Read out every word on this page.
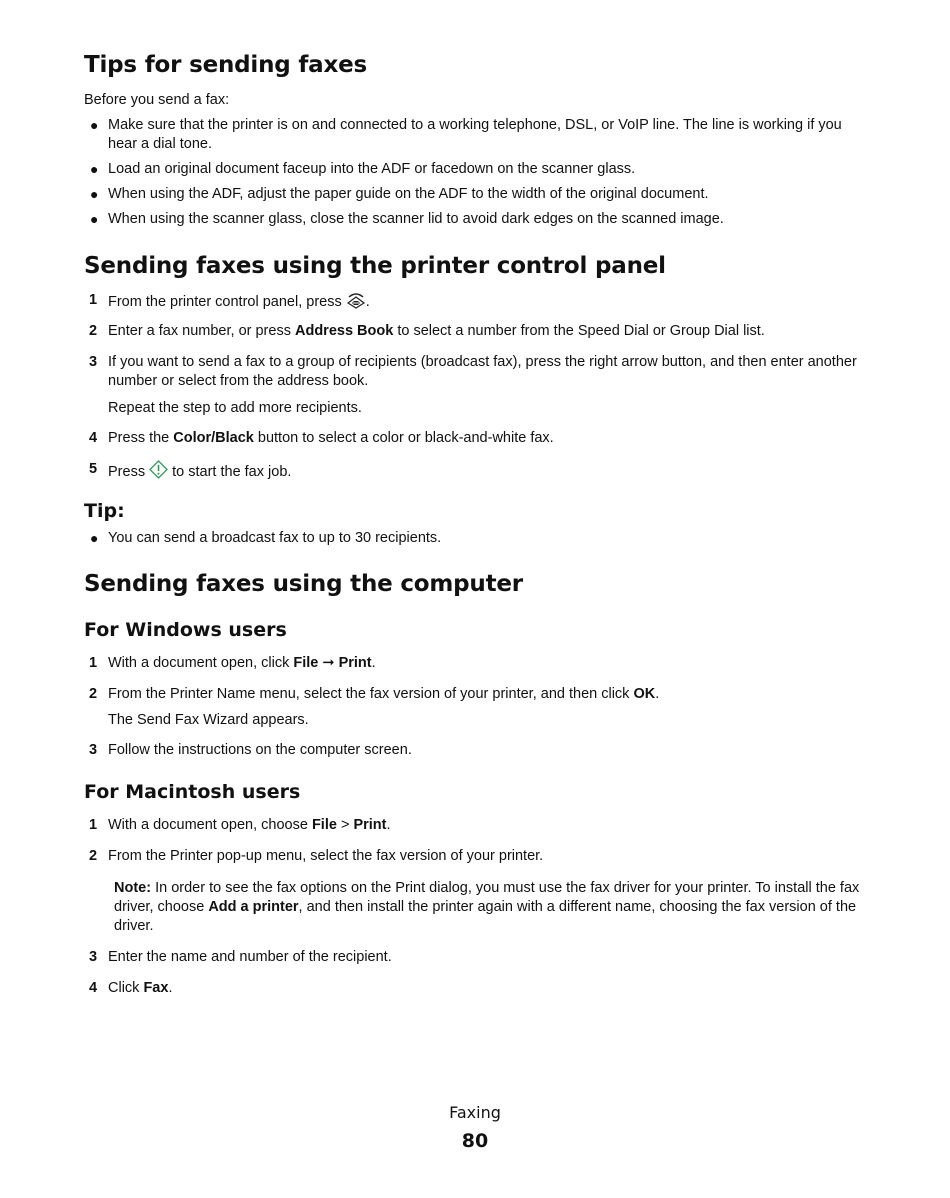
Tips for sending faxes
Before you send a fax:
● Make sure that the printer is on and connected to a working telephone, DSL, or VoIP line. The line is working if you hear a dial tone.
● Load an original document faceup into the ADF or facedown on the scanner glass.
● When using the ADF, adjust the paper guide on the ADF to the width of the original document.
● When using the scanner glass, close the scanner lid to avoid dark edges on the scanned image.
Sending faxes using the printer control panel
1 From the printer control panel, press .
2 Enter a fax number, or press Address Book to select a number from the Speed Dial or Group Dial list.
3 If you want to send a fax to a group of recipients (broadcast fax), press the right arrow button, and then enter another number or select from the address book.
Repeat the step to add more recipients.
4 Press the Color/Black button to select a color or black-and-white fax.
5 Press  to start the fax job.
Tip:
● You can send a broadcast fax to up to 30 recipients.
Sending faxes using the computer
For Windows users
1 With a document open, click File ➞ Print.
2 From the Printer Name menu, select the fax version of your printer, and then click OK.
The Send Fax Wizard appears.
3 Follow the instructions on the computer screen.
For Macintosh users
1 With a document open, choose File > Print.
2 From the Printer pop-up menu, select the fax version of your printer.
Note: In order to see the fax options on the Print dialog, you must use the fax driver for your printer. To install the fax driver, choose Add a printer, and then install the printer again with a different name, choosing the fax version of the driver.
3 Enter the name and number of the recipient.
4 Click Fax.
Faxing
80
